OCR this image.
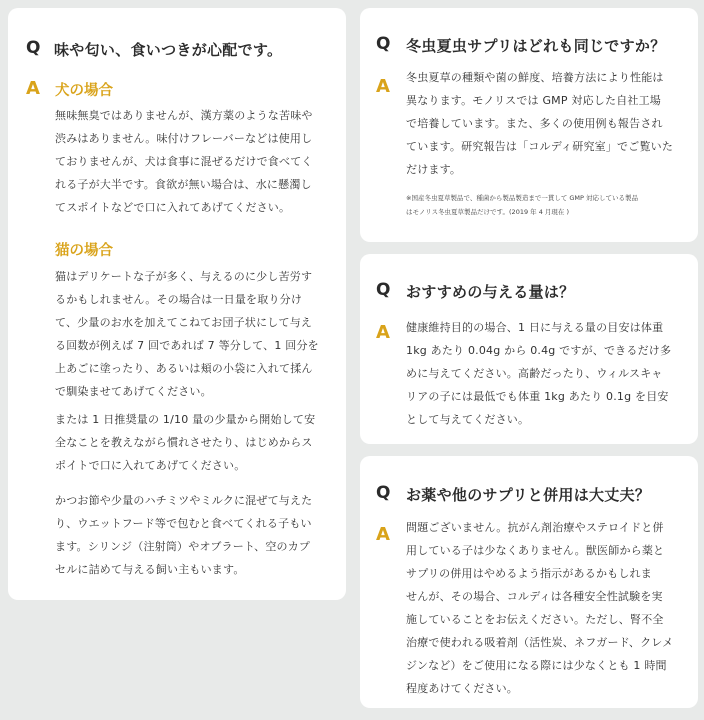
Q 味や匂い、食いつきが心配です。
A 犬の場合
無味無臭ではありませんが、漢方薬のような苦味や
渋みはありません。味付けフレーバーなどは使用し
ておりませんが、犬は食事に混ぜるだけで食べてく
れる子が大半です。食欲が無い場合は、水に懸濁し
てスポイトなどで口に入れてあげてください。
猫の場合
猫はデリケートな子が多く、与えるのに少し苦労す
るかもしれません。その場合は一日量を取り分け
て、少量のお水を加えてこねてお団子状にして与え
る回数が例えば 7 回であれば 7 等分して、1 回分を
上あごに塗ったり、あるいは頬の小袋に入れて揉ん
で馴染ませてあげてください。
または 1 日推奨量の 1/10 量の少量から開始して安
全なことを教えながら慣れさせたり、はじめからス
ポイトで口に入れてあげてください。
かつお節や少量のハチミツやミルクに混ぜて与えた
り、ウエットフード等で包むと食べてくれる子もい
ます。シリンジ（注射筒）やオブラート、空のカプ
セルに詰めて与える飼い主もいます。
Q 冬虫夏虫サプリはどれも同じですか？
A 冬虫夏草の種類や菌の鮮度、培養方法により性能は
異なります。モノリスでは GMP 対応した自社工場
で培養しています。また、多くの使用例も報告され
ています。研究報告は「コルディ研究室」でご覧いた
だけます。
※国産冬虫夏草製品で、種菌から製品製造まで一貫して GMP 対応している製品
はモノリス冬虫夏草製品だけです。(2019 年 4 月現在 )
Q おすすめの与える量は？
A 健康維持目的の場合、1 日に与える量の目安は体重
1kg あたり 0.04g から 0.4g ですが、できるだけ多
めに与えてください。高齢だったり、ウィルスキャ
リアの子には最低でも体重 1kg あたり 0.1g を目安
として与えてください。
Q お薬や他のサプリと併用は大丈夫？
A 問題ございません。抗がん剤治療やステロイドと併
用している子は少なくありません。獣医師から薬と
サプリの併用はやめるよう指示があるかもしれま
せんが、その場合、コルディは各種安全性試験を実
施していることをお伝えください。ただし、腎不全
治療で使われる吸着剤（活性炭、ネフガード、クレメ
ジンなど）をご使用になる際には少なくとも 1 時間
程度あけてください。
